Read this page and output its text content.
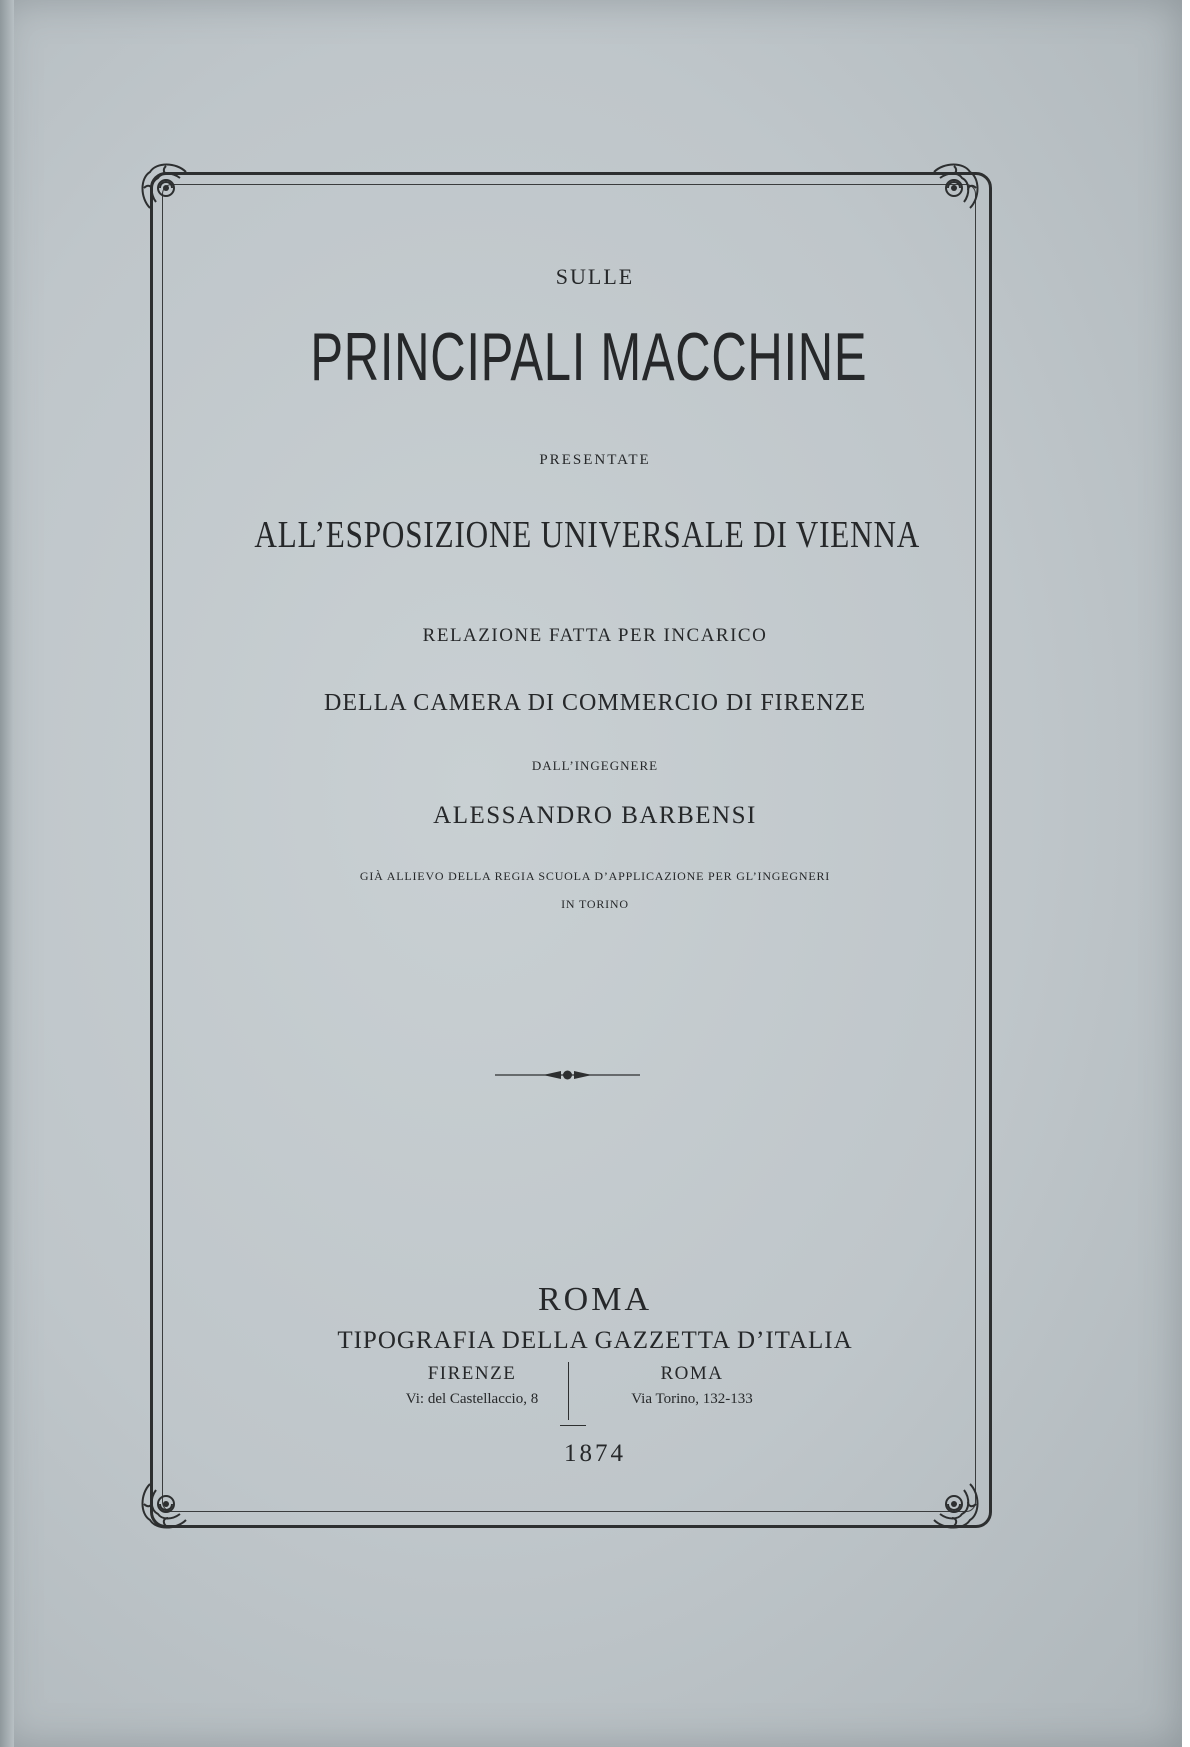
SULLE
PRINCIPALI MACCHINE
PRESENTATE
ALL’ESPOSIZIONE UNIVERSALE DI VIENNA
RELAZIONE FATTA PER INCARICO
DELLA CAMERA DI COMMERCIO DI FIRENZE
DALL’INGEGNERE
ALESSANDRO BARBENSI
GIÀ ALLIEVO DELLA REGIA SCUOLA D’APPLICAZIONE PER GL’INGEGNERI
IN TORINO
ROMA
TIPOGRAFIA DELLA GAZZETTA D’ITALIA
FIRENZE
Vi: del Castellaccio, 8
ROMA
Via Torino, 132-133
1874
